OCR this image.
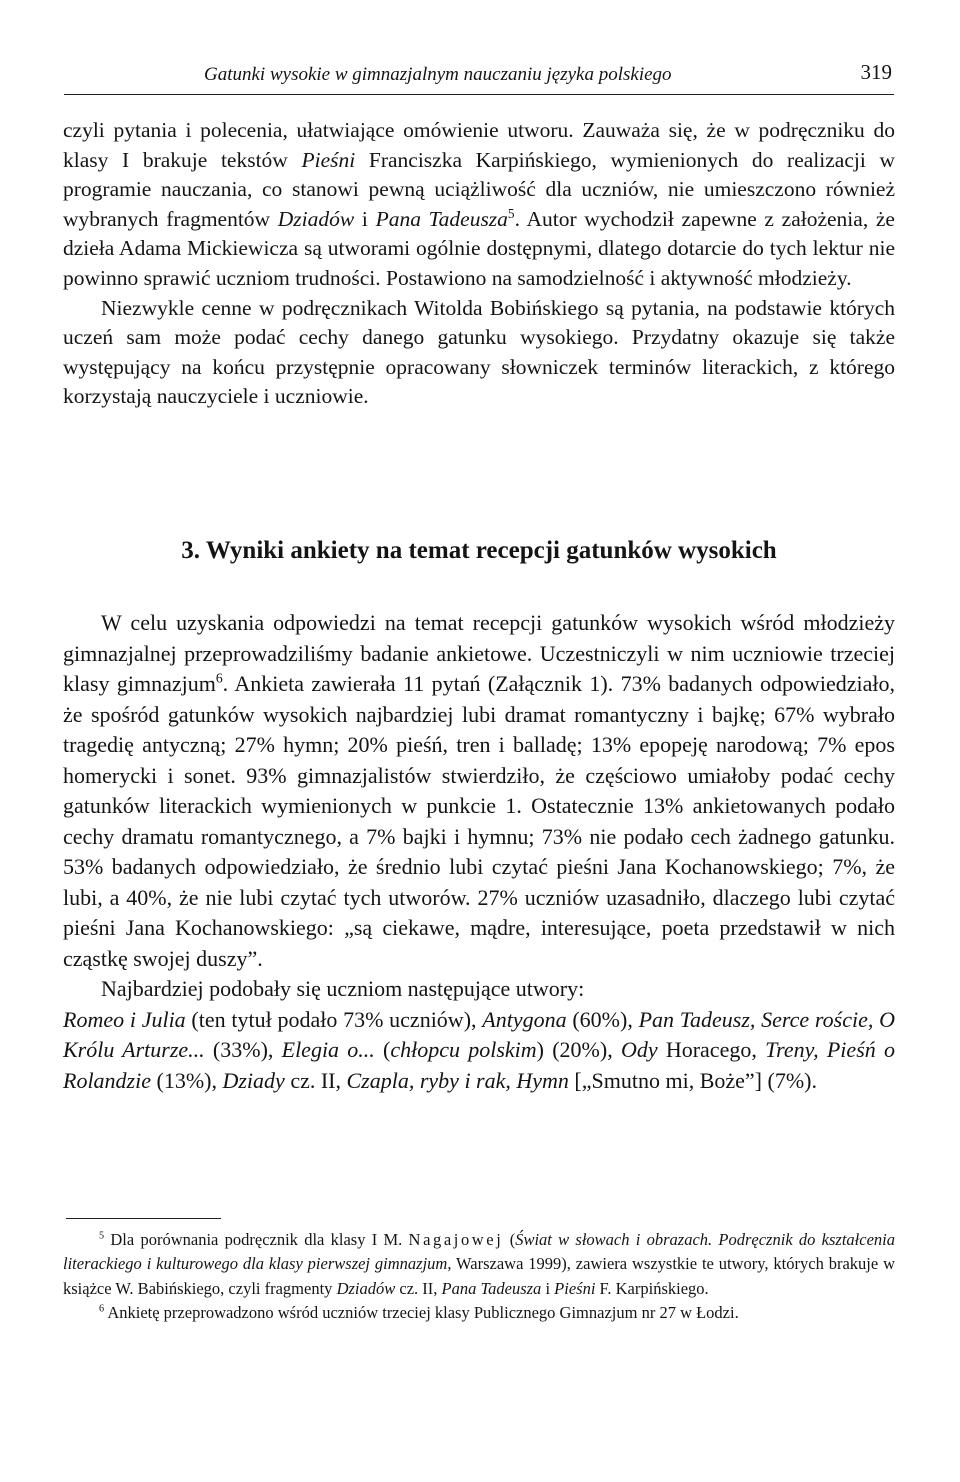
Gatunki wysokie w gimnazjalnym nauczaniu języka polskiego	319

czyli pytania i polecenia, ułatwiające omówienie utworu. Zauważa się, że w podręczniku do klasy I brakuje tekstów Pieśni Franciszka Karpińskiego, wymienionych do realizacji w programie nauczania, co stanowi pewną uciążliwość dla uczniów, nie umieszczono również wybranych fragmentów Dziadów i Pana Tadeusza$^5$. Autor wychodził zapewne z założenia, że dzieła Adama Mickiewicza są utworami ogólnie dostępnymi, dlatego dotarcie do tych lektur nie powinno sprawić uczniom trudności. Postawiono na samodzielność i aktywność młodzieży.

Niezwykle cenne w podręcznikach Witolda Bobińskiego są pytania, na podstawie których uczeń sam może podać cechy danego gatunku wysokiego. Przydatny okazuje się także występujący na końcu przystępnie opracowany słowniczek terminów literackich, z którego korzystają nauczyciele i uczniowie.

3. Wyniki ankiety na temat recepcji gatunków wysokich

W celu uzyskania odpowiedzi na temat recepcji gatunków wysokich wśród młodzieży gimnazjalnej przeprowadziliśmy badanie ankietowe. Uczestniczyli w nim uczniowie trzeciej klasy gimnazjum$^6$. Ankieta zawierała 11 pytań (Załącznik 1). 73% badanych odpowiedziało, że spośród gatunków wysokich najbardziej lubi dramat romantyczny i bajkę; 67% wybrało tragedię antyczną; 27% hymn; 20% pieśń, tren i balladę; 13% epopeję narodową; 7% epos homerycki i sonet. 93% gimnazjalistów stwierdziło, że częściowo umiałoby podać cechy gatunków literackich wymienionych w punkcie 1. Ostatecznie 13% ankietowanych podało cechy dramatu romantycznego, a 7% bajki i hymnu; 73% nie podało cech żadnego gatunku. 53% badanych odpowiedziało, że średnio lubi czytać pieśni Jana Kochanowskiego; 7%, że lubi, a 40%, że nie lubi czytać tych utworów. 27% uczniów uzasadniło, dlaczego lubi czytać pieśni Jana Kochanowskiego: „są ciekawe, mądre, interesujące, poeta przedstawił w nich cząstkę swojej duszy”.

Najbardziej podobały się uczniom następujące utwory:
Romeo i Julia (ten tytuł podało 73% uczniów), Antygona (60%), Pan Tadeusz, Serce roście, O Królu Arturze... (33%), Elegia o... (chłopcu polskim) (20%), Ody Horacego, Treny, Pieśń o Rolandzie (13%), Dziady cz. II, Czapla, ryby i rak, Hymn [„Smutno mi, Boże”] (7%).

$^5$ Dla porównania podręcznik dla klasy I M. Nagajowej (Świat w słowach i obrazach. Podręcznik do kształcenia literackiego i kulturowego dla klasy pierwszej gimnazjum, Warszawa 1999), zawiera wszystkie te utwory, których brakuje w książce W. Babińskiego, czyli fragmenty Dziadów cz. II, Pana Tadeusza i Pieśni F. Karpińskiego.

$^6$ Ankietę przeprowadzono wśród uczniów trzeciej klasy Publicznego Gimnazjum nr 27 w Łodzi.
